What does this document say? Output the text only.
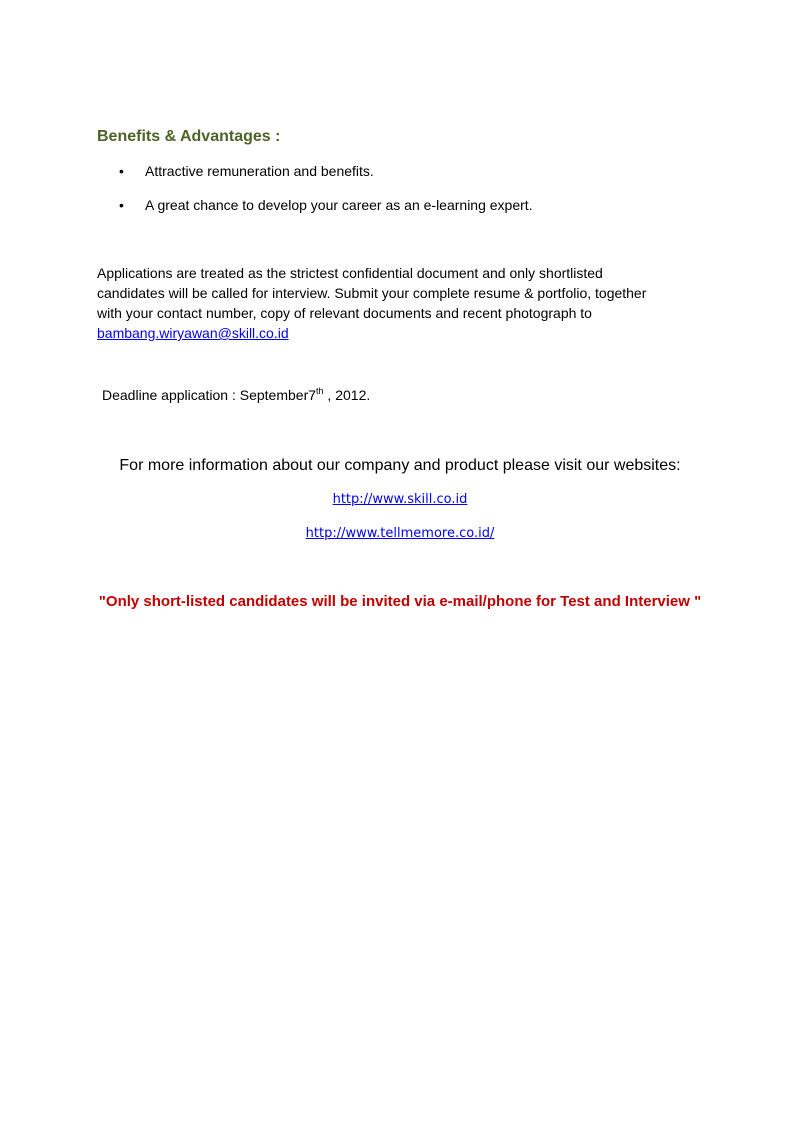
Benefits & Advantages :
• Attractive remuneration and benefits.
• A great chance to develop your career as an e-learning expert.
Applications are treated as the strictest confidential document and only shortlisted
candidates will be called for interview. Submit your complete resume & portfolio, together
with your contact number, copy of relevant documents and recent photograph to
bambang.wiryawan@skill.co.id
Deadline application : September7th , 2012.
For more information about our company and product please visit our websites:
http://www.skill.co.id
http://www.tellmemore.co.id/
"Only short-listed candidates will be invited via e-mail/phone for Test and Interview "
